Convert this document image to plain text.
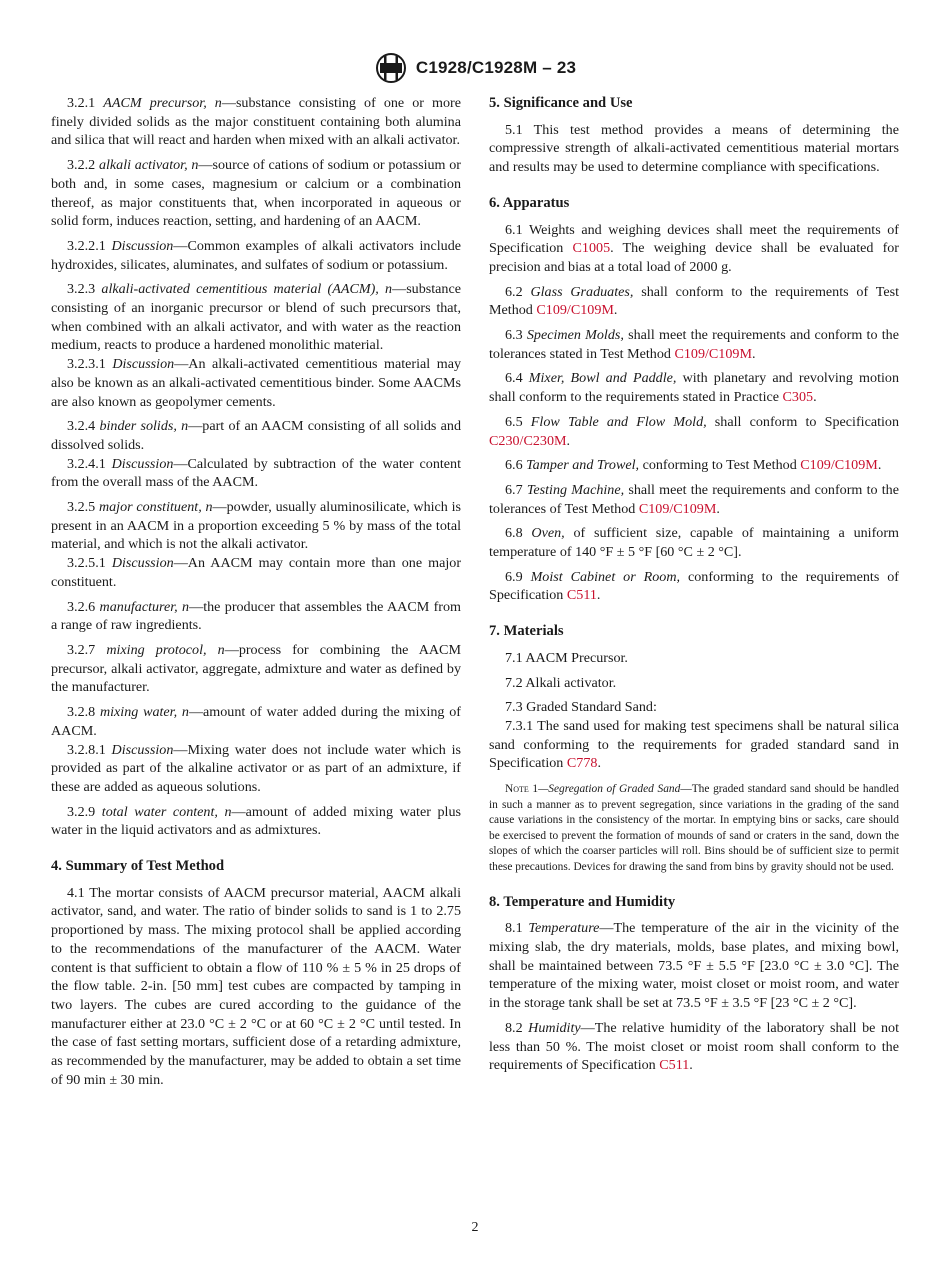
C1928/C1928M – 23

3.2.1 AACM precursor, n—substance consisting of one or more finely divided solids as the major constituent containing both alumina and silica that will react and harden when mixed with an alkali activator.

3.2.2 alkali activator, n—source of cations of sodium or potassium or both and, in some cases, magnesium or calcium or a combination thereof, as major constituents that, when incorporated in aqueous or solid form, induces reaction, setting, and hardening of an AACM.

3.2.2.1 Discussion—Common examples of alkali activators include hydroxides, silicates, aluminates, and sulfates of sodium or potassium.

3.2.3 alkali-activated cementitious material (AACM), n—substance consisting of an inorganic precursor or blend of such precursors that, when combined with an alkali activator, and with water as the reaction medium, reacts to produce a hardened monolithic material.

3.2.3.1 Discussion—An alkali-activated cementitious material may also be known as an alkali-activated cementitious binder. Some AACMs are also known as geopolymer cements.

3.2.4 binder solids, n—part of an AACM consisting of all solids and dissolved solids.

3.2.4.1 Discussion—Calculated by subtraction of the water content from the overall mass of the AACM.

3.2.5 major constituent, n—powder, usually aluminosilicate, which is present in an AACM in a proportion exceeding 5 % by mass of the total material, and which is not the alkali activator.

3.2.5.1 Discussion—An AACM may contain more than one major constituent.

3.2.6 manufacturer, n—the producer that assembles the AACM from a range of raw ingredients.

3.2.7 mixing protocol, n—process for combining the AACM precursor, alkali activator, aggregate, admixture and water as defined by the manufacturer.

3.2.8 mixing water, n—amount of water added during the mixing of AACM.

3.2.8.1 Discussion—Mixing water does not include water which is provided as part of the alkaline activator or as part of an admixture, if these are added as aqueous solutions.

3.2.9 total water content, n—amount of added mixing water plus water in the liquid activators and as admixtures.

4. Summary of Test Method

4.1 The mortar consists of AACM precursor material, AACM alkali activator, sand, and water. The ratio of binder solids to sand is 1 to 2.75 proportioned by mass. The mixing protocol shall be applied according to the recommendations of the manufacturer of the AACM. Water content is that sufficient to obtain a flow of 110 % ± 5 % in 25 drops of the flow table. 2-in. [50 mm] test cubes are compacted by tamping in two layers. The cubes are cured according to the guidance of the manufacturer either at 23.0 °C ± 2 °C or at 60 °C ± 2 °C until tested. In the case of fast setting mortars, sufficient dose of a retarding admixture, as recommended by the manufacturer, may be added to obtain a set time of 90 min ± 30 min.

5. Significance and Use

5.1 This test method provides a means of determining the compressive strength of alkali-activated cementitious material mortars and results may be used to determine compliance with specifications.

6. Apparatus

6.1 Weights and weighing devices shall meet the requirements of Specification C1005. The weighing device shall be evaluated for precision and bias at a total load of 2000 g.

6.2 Glass Graduates, shall conform to the requirements of Test Method C109/C109M.

6.3 Specimen Molds, shall meet the requirements and conform to the tolerances stated in Test Method C109/C109M.

6.4 Mixer, Bowl and Paddle, with planetary and revolving motion shall conform to the requirements stated in Practice C305.

6.5 Flow Table and Flow Mold, shall conform to Specification C230/C230M.

6.6 Tamper and Trowel, conforming to Test Method C109/C109M.

6.7 Testing Machine, shall meet the requirements and conform to the tolerances of Test Method C109/C109M.

6.8 Oven, of sufficient size, capable of maintaining a uniform temperature of 140 °F ± 5 °F [60 °C ± 2 °C].

6.9 Moist Cabinet or Room, conforming to the requirements of Specification C511.

7. Materials

7.1 AACM Precursor.

7.2 Alkali activator.

7.3 Graded Standard Sand:

7.3.1 The sand used for making test specimens shall be natural silica sand conforming to the requirements for graded standard sand in Specification C778.

Note 1—Segregation of Graded Sand—The graded standard sand should be handled in such a manner as to prevent segregation, since variations in the grading of the sand cause variations in the consistency of the mortar. In emptying bins or sacks, care should be exercised to prevent the formation of mounds of sand or craters in the sand, down the slopes of which the coarser particles will roll. Bins should be of sufficient size to permit these precautions. Devices for drawing the sand from bins by gravity should not be used.

8. Temperature and Humidity

8.1 Temperature—The temperature of the air in the vicinity of the mixing slab, the dry materials, molds, base plates, and mixing bowl, shall be maintained between 73.5 °F ± 5.5 °F [23.0 °C ± 3.0 °C]. The temperature of the mixing water, moist closet or moist room, and water in the storage tank shall be set at 73.5 °F ± 3.5 °F [23 °C ± 2 °C].

8.2 Humidity—The relative humidity of the laboratory shall be not less than 50 %. The moist closet or moist room shall conform to the requirements of Specification C511.

2
